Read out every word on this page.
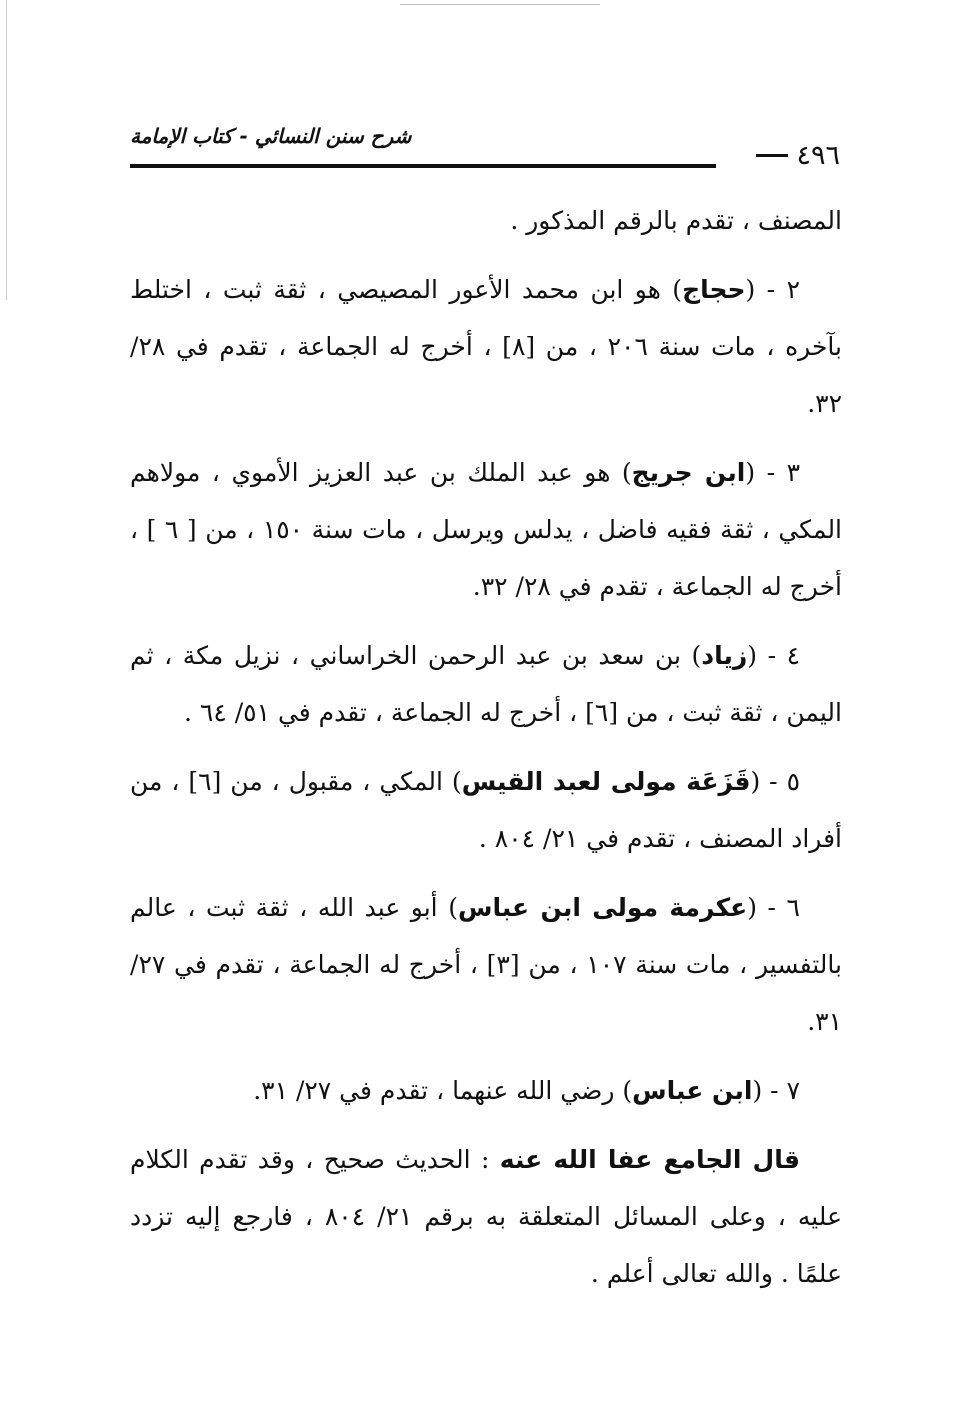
٤٩٦
شرح سنن النسائي - كتاب الإمامة

المصنف ، تقدم بالرقم المذكور .

٢ - (حجاج) هو ابن محمد الأعور المصيصي ، ثقة ثبت ، اختلط بآخره ، مات سنة ٢٠٦ ، من [٨] ، أخرج له الجماعة ، تقدم في ٢٨/ ٣٢.

٣ - (ابن جريج) هو عبد الملك بن عبد العزيز الأموي ، مولاهم المكي ، ثقة فقيه فاضل ، يدلس ويرسل ، مات سنة ١٥٠ ، من [ ٦ ] ، أخرج له الجماعة ، تقدم في ٢٨/ ٣٢.

٤ - (زياد) بن سعد بن عبد الرحمن الخراساني ، نزيل مكة ، ثم اليمن ، ثقة ثبت ، من [٦] ، أخرج له الجماعة ، تقدم في ٥١/ ٦٤ .

٥ - (قَزَعَة مولى لعبد القيس) المكي ، مقبول ، من [٦] ، من أفراد المصنف ، تقدم في ٢١/ ٨٠٤ .

٦ - (عكرمة مولى ابن عباس) أبو عبد الله ، ثقة ثبت ، عالم بالتفسير ، مات سنة ١٠٧ ، من [٣] ، أخرج له الجماعة ، تقدم في ٢٧/ ٣١.

٧ - (ابن عباس) رضي الله عنهما ، تقدم في ٢٧/ ٣١.

قال الجامع عفا الله عنه : الحديث صحيح ، وقد تقدم الكلام عليه ، وعلى المسائل المتعلقة به برقم ٢١/ ٨٠٤ ، فارجع إليه تزدد علمًا . والله تعالى أعلم .
